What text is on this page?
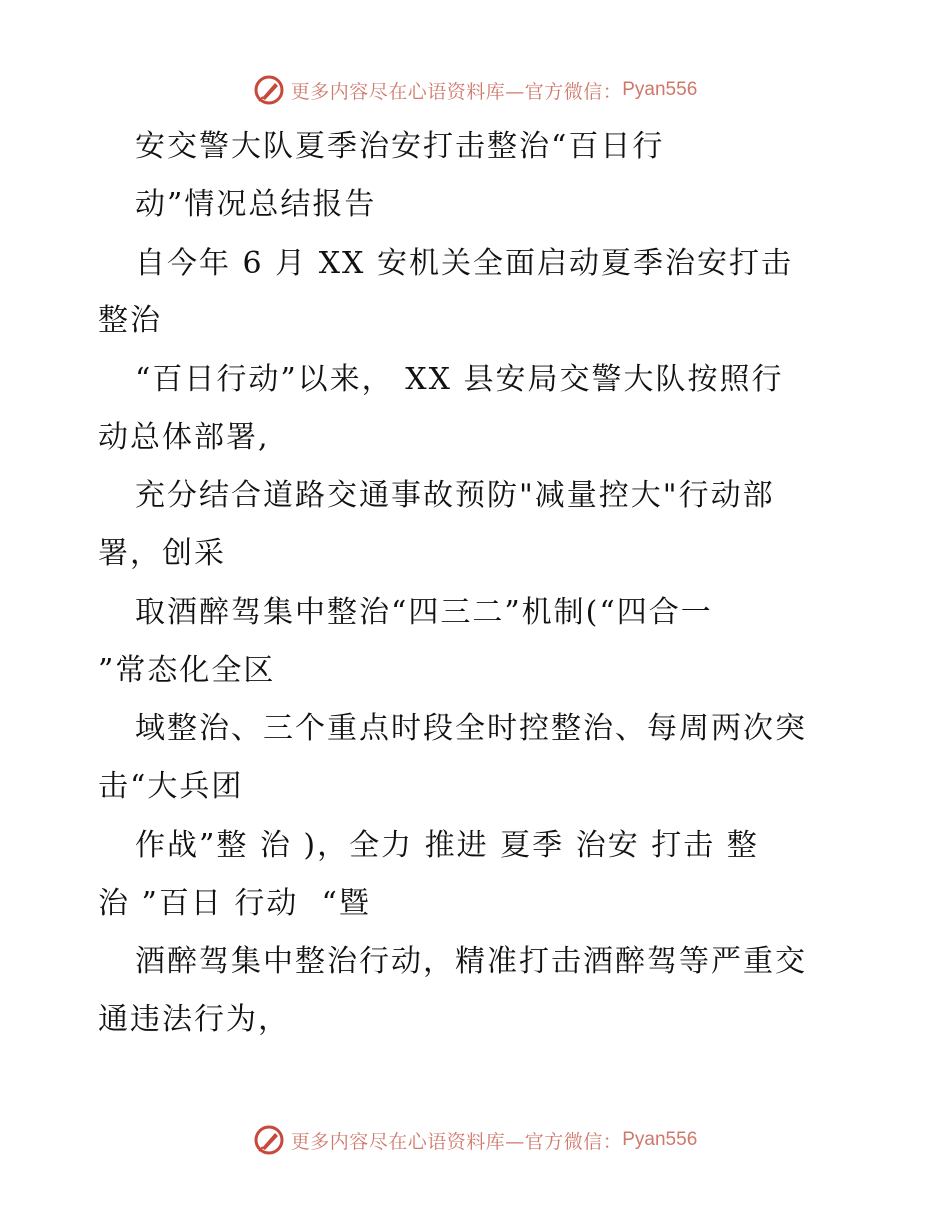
更多内容尽在心语资料库—官方微信： Pyan556
安交警大队夏季治安打击整治“百日行
动”情况总结报告
自今年 6 月 XX 安机关全面启动夏季治安打击
整治
“百日行动”以来， XX 县安局交警大队按照行
动总体部署,
充分结合道路交通事故预防"减量控大"行动部
署，创采
取酒醉驾集中整治“四三二”机制(“四合一
”常态化全区
域整治、三个重点时段全时控整治、每周两次突
击“大兵团
作战”整 治 )，全力 推进 夏季 治安 打击 整
治 ”百日 行动  “暨
酒醉驾集中整治行动，精准打击酒醉驾等严重交
通违法行为，
更多内容尽在心语资料库—官方微信： Pyan556
